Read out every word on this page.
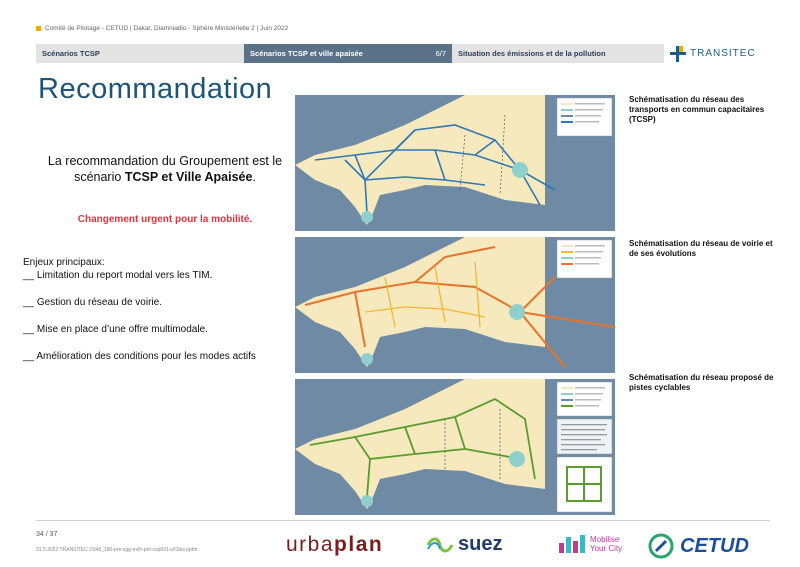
Comité de Pilotage - CETUD | Dakar, Diamniadio - Sphère Ministérielle 2 | Juin 2022
Scénarios TCSP	Scénarios TCSP et ville apaisée	6/7	Situation des émissions et de la pollution	TRANSITEC
Recommandation
La recommandation du Groupement est le scénario TCSP et Ville Apaisée.
Changement urgent pour la mobilité.
Enjeux principaux:
__ Limitation du report modal vers les TIM.
__ Gestion du réseau de voirie.
__ Mise en place d’une offre multimodale.
__ Amélioration des conditions pour les modes actifs
Schématisation du réseau des transports en commun capacitaires (TCSP)
Schématisation du réseau de voirie et de ses évolutions
Schématisation du réseau proposé de pistes cyclables
34 / 37
31.5.2022 TRANSITEC D345_180-pre-sgg-mch-pef-cop601-v01bis.pptm	urba plan	suez	Mobilise
Your City	CETUD
